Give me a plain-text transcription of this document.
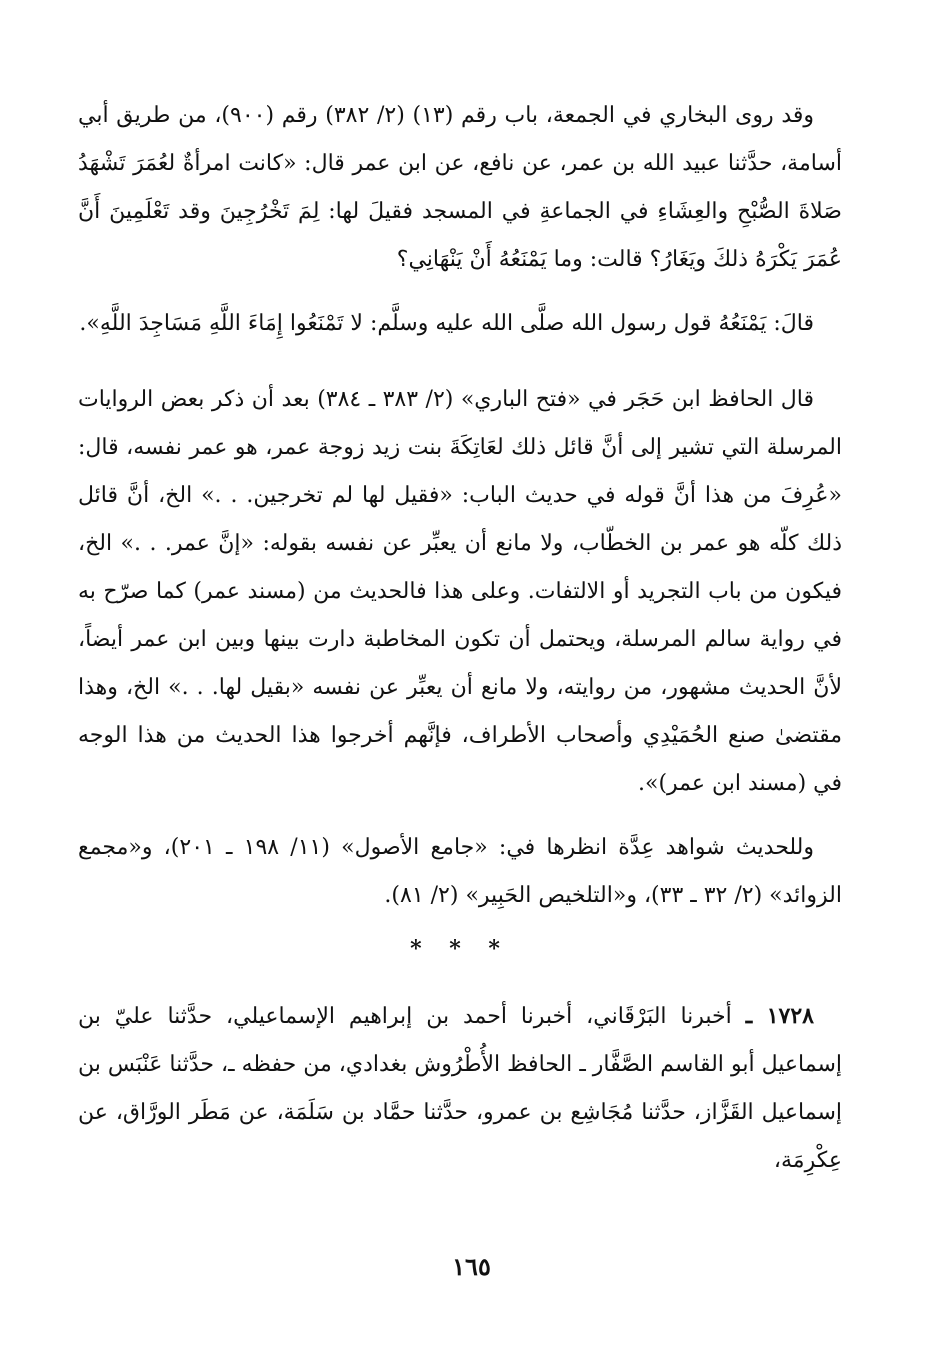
وقد روى البخاري في الجمعة، باب رقم (١٣) (٢/ ٣٨٢) رقم (٩٠٠)، من طريق أبي أسامة، حدَّثنا عبيد الله بن عمر، عن نافع، عن ابن عمر قال: «كانت امرأةٌ لعُمَرَ تَشْهَدُ صَلاةَ الصُّبْحِ والعِشَاءِ في الجماعةِ في المسجد فقيلَ لها: لِمَ تَخْرُجِينَ وقد تَعْلَمِينَ أَنَّ عُمَرَ يَكْرَهُ ذلكَ ويَغَارُ؟ قالت: وما يَمْنَعُهُ أَنْ يَنْهَانِي؟

قالَ: يَمْنَعُهُ قول رسول الله صلَّى الله عليه وسلَّم: لا تَمْنَعُوا إِمَاءَ اللَّهِ مَسَاجِدَ اللَّهِ».

قال الحافظ ابن حَجَر في «فتح الباري» (٢/ ٣٨٣ ـ ٣٨٤) بعد أن ذكر بعض الروايات المرسلة التي تشير إلى أنَّ قائل ذلك لعَاتِكَةَ بنت زيد زوجة عمر، هو عمر نفسه، قال: «عُرِفَ من هذا أنَّ قوله في حديث الباب: «فقيل لها لم تخرجين. . .» الخ، أنَّ قائل ذلك كلّه هو عمر بن الخطّاب، ولا مانع أن يعبِّر عن نفسه بقوله: «إنَّ عمر. . .» الخ، فيكون من باب التجريد أو الالتفات. وعلى هذا فالحديث من (مسند عمر) كما صرّح به في رواية سالم المرسلة، ويحتمل أن تكون المخاطبة دارت بينها وبين ابن عمر أيضاً، لأنَّ الحديث مشهور، من روايته، ولا مانع أن يعبِّر عن نفسه «بقيل لها. . .» الخ، وهذا مقتضىٰ صنع الحُمَيْدِي وأصحاب الأطراف، فإنَّهم أخرجوا هذا الحديث من هذا الوجه في (مسند ابن عمر)».

وللحديث شواهد عِدَّة انظرها في: «جامع الأصول» (١١/ ١٩٨ ـ ٢٠١)، و«مجمع الزوائد» (٢/ ٣٢ ـ ٣٣)، و«التلخيص الحَبِير» (٢/ ٨١).

* * *

١٧٢٨ ـ أخبرنا البَرْقَاني، أخبرنا أحمد بن إبراهيم الإسماعيلي، حدَّثنا عليّ بن إسماعيل أبو القاسم الصَّفَّار ـ الحافظ الأُطْرُوش بغدادي، من حفظه ـ، حدَّثنا عَنْبَس بن إسماعيل القَزَّاز، حدَّثنا مُجَاشِع بن عمرو، حدَّثنا حمَّاد بن سَلَمَة، عن مَطَر الورَّاق، عن عِكْرِمَة،

١٦٥
